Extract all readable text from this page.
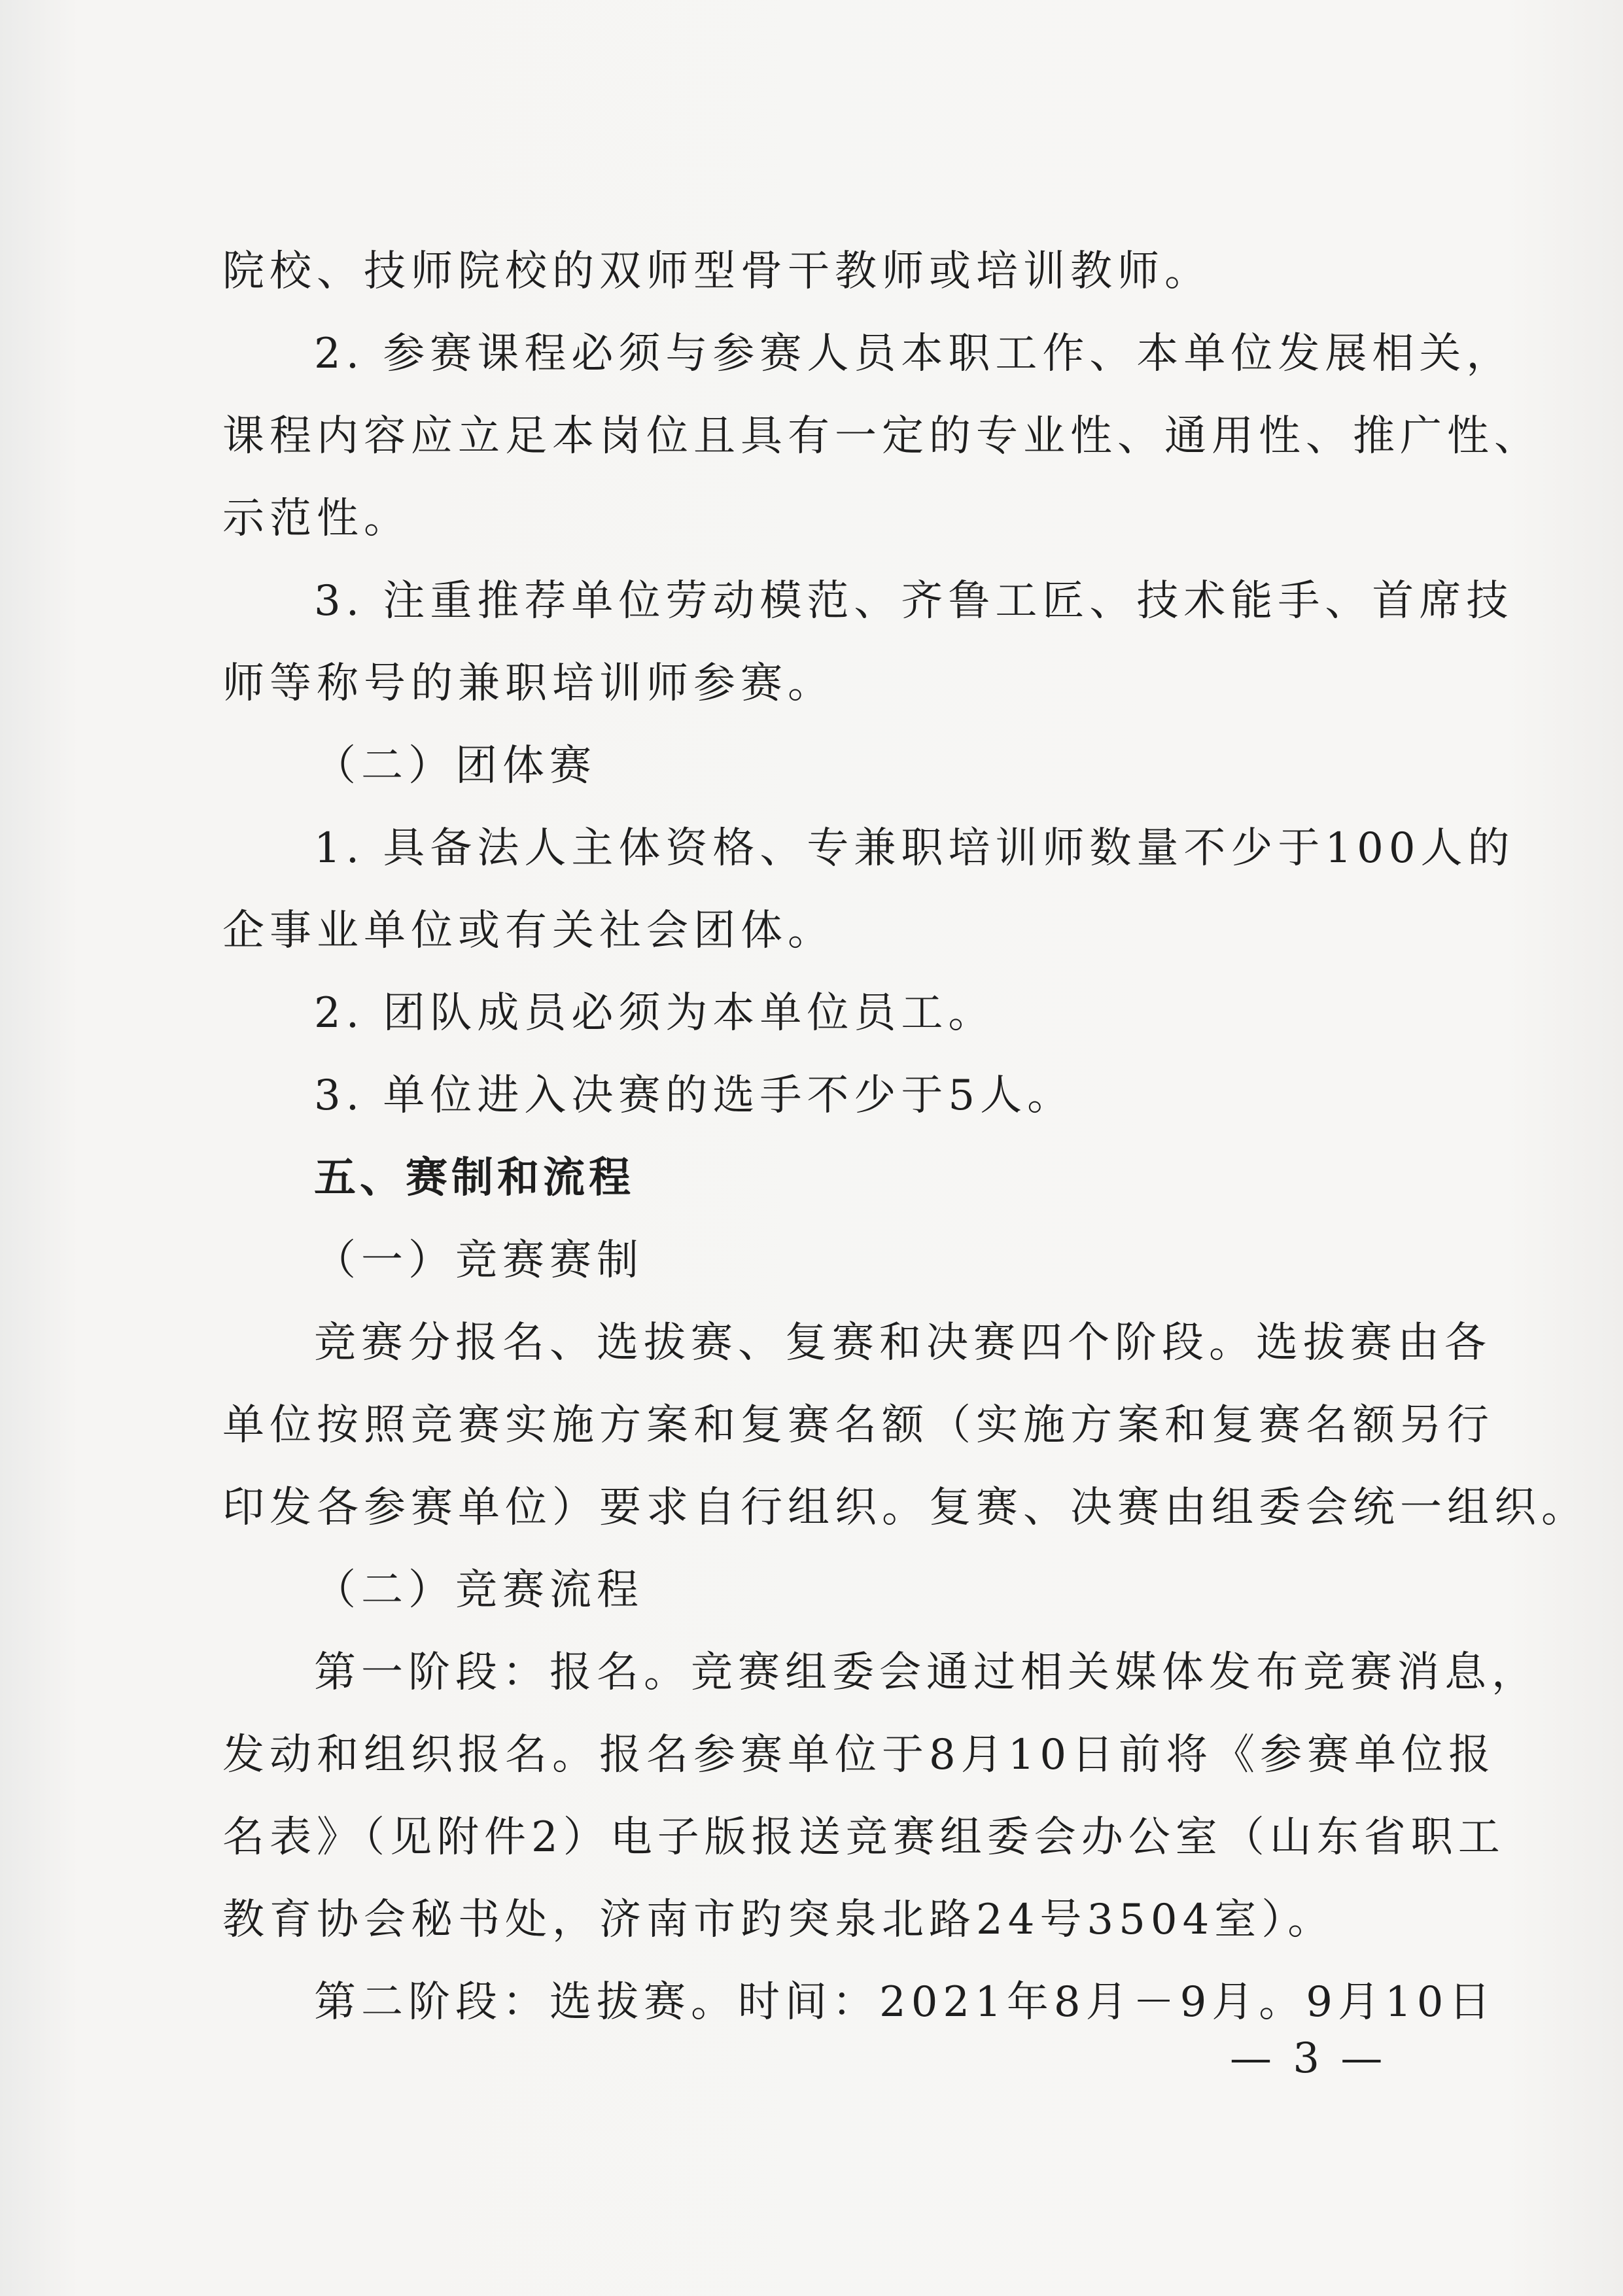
院校、技师院校的双师型骨干教师或培训教师。

2. 参赛课程必须与参赛人员本职工作、本单位发展相关，

课程内容应立足本岗位且具有一定的专业性、通用性、推广性、

示范性。

3. 注重推荐单位劳动模范、齐鲁工匠、技术能手、首席技

师等称号的兼职培训师参赛。

（二）团体赛

1. 具备法人主体资格、专兼职培训师数量不少于100人的

企事业单位或有关社会团体。

2. 团队成员必须为本单位员工。

3. 单位进入决赛的选手不少于5人。

五、赛制和流程

（一）竞赛赛制

竞赛分报名、选拔赛、复赛和决赛四个阶段。选拔赛由各

单位按照竞赛实施方案和复赛名额（实施方案和复赛名额另行

印发各参赛单位）要求自行组织。复赛、决赛由组委会统一组织。

（二）竞赛流程

第一阶段：报名。竞赛组委会通过相关媒体发布竞赛消息，

发动和组织报名。报名参赛单位于8月10日前将《参赛单位报

名表》（见附件2）电子版报送竞赛组委会办公室（山东省职工

教育协会秘书处，济南市趵突泉北路24号3504室）。

第二阶段：选拔赛。时间：2021年8月－9月。9月10日

— 3 —
